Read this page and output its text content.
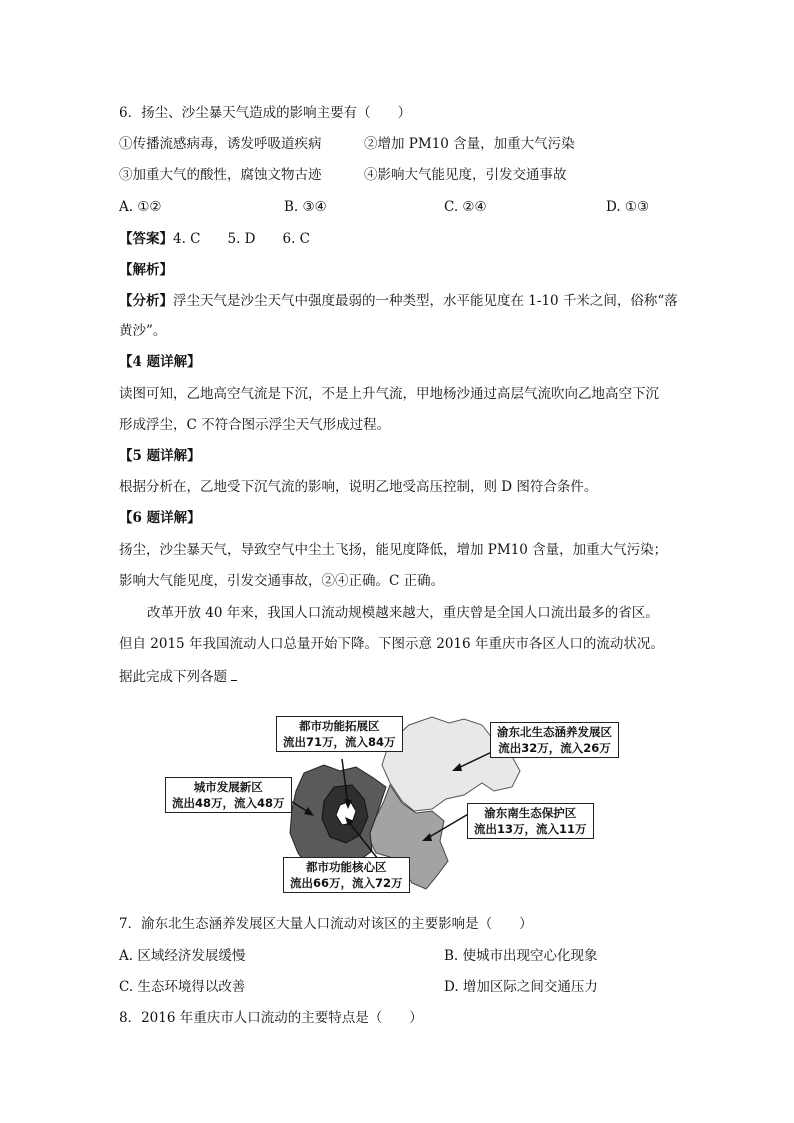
6．扬尘、沙尘暴天气造成的影响主要有（　　）
①传播流感病毒，诱发呼吸道疾病	②增加 PM10 含量，加重大气污染
③加重大气的酸性，腐蚀文物古迹	④影响大气能见度，引发交通事故
A. ①②	B. ③④	C. ②④	D. ①③
【答案】4. C　　5. D　　6. C
【解析】
【分析】浮尘天气是沙尘天气中强度最弱的一种类型，水平能见度在 1-10 千米之间，俗称“落
黄沙”。
【4 题详解】
读图可知，乙地高空气流是下沉，不是上升气流，甲地杨沙通过高层气流吹向乙地高空下沉
形成浮尘，C 不符合图示浮尘天气形成过程。
【5 题详解】
根据分析在，乙地受下沉气流的影响，说明乙地受高压控制，则 D 图符合条件。
【6 题详解】
扬尘，沙尘暴天气，导致空气中尘土飞扬，能见度降低，增加 PM10 含量，加重大气污染；
影响大气能见度，引发交通事故，②④正确。C 正确。
改革开放 40 年来，我国人口流动规模越来越大，重庆曾是全国人口流出最多的省区。
但自 2015 年我国流动人口总量开始下降。下图示意 2016 年重庆市各区人口的流动状况。
据此完成下列各题
都市功能拓展区
流出71万，流入84万
渝东北生态涵养发展区
流出32万，流入26万
城市发展新区
流出48万，流入48万
渝东南生态保护区
流出13万，流入11万
都市功能核心区
流出66万，流入72万
7．渝东北生态涵养发展区大量人口流动对该区的主要影响是（　　）
A. 区域经济发展缓慢	B. 使城市出现空心化现象
C. 生态环境得以改善	D. 增加区际之间交通压力
8．2016 年重庆市人口流动的主要特点是（　　）
